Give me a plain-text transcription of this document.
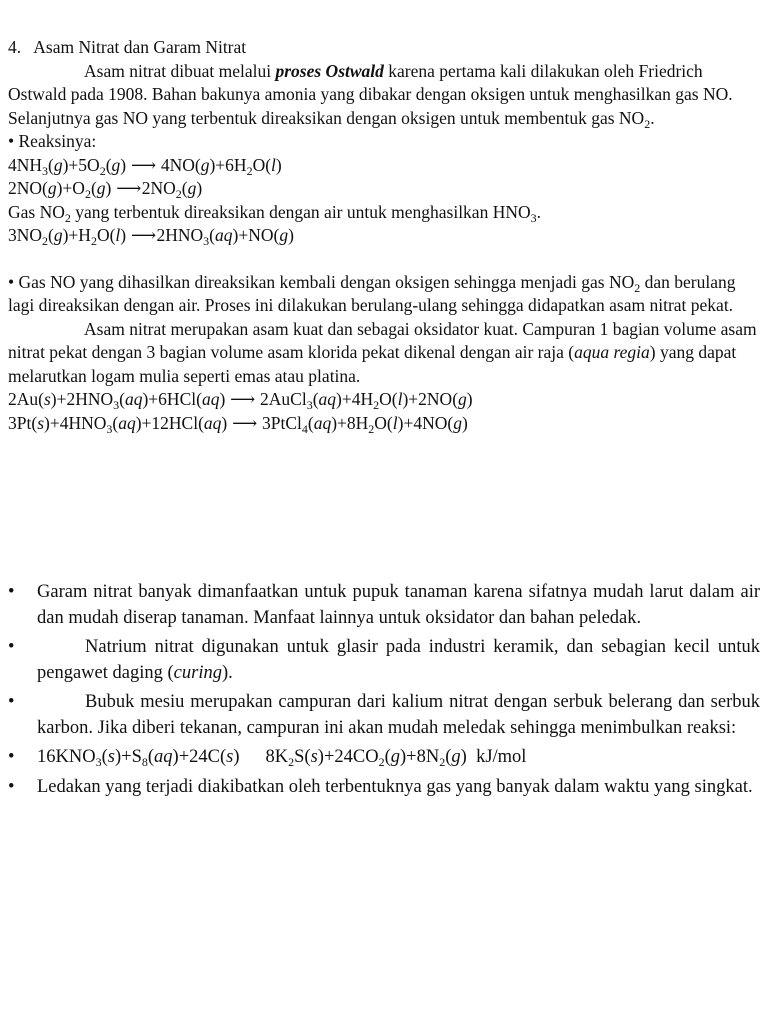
4. Asam Nitrat dan Garam Nitrat

Asam nitrat dibuat melalui proses Ostwald karena pertama kali dilakukan oleh Friedrich Ostwald pada 1908. Bahan bakunya amonia yang dibakar dengan oksigen untuk menghasilkan gas NO. Selanjutnya gas NO yang terbentuk direaksikan dengan oksigen untuk membentuk gas $NO_2$.

• Reaksinya:

$4NH_3(g)+5O_2(g)$ ⟶ $4NO(g)+6H_2O(l)$

$2NO(g)+O_2(g)$ $⟶2NO_2(g)$

Gas $NO_2$ yang terbentuk direaksikan dengan air untuk menghasilkan $HNO_3$.

$3NO_2(g)+H_2O(l)$ $⟶2HNO_3(aq)+NO(g)$

• Gas NO yang dihasilkan direaksikan kembali dengan oksigen sehingga menjadi gas $NO_2$ dan berulang lagi direaksikan dengan air. Proses ini dilakukan berulang-ulang sehingga didapatkan asam nitrat pekat.

Asam nitrat merupakan asam kuat dan sebagai oksidator kuat. Campuran 1 bagian volume asam nitrat pekat dengan 3 bagian volume asam klorida pekat dikenal dengan air raja (aqua regia) yang dapat melarutkan logam mulia seperti emas atau platina.

$2Au(s)+2HNO_3(aq)+6HCl(aq)$ ⟶ $2AuCl_3(aq)+4H_2O(l)+2NO(g)$

$3Pt(s)+4HNO_3(aq)+12HCl(aq)$ ⟶ $3PtCl_4(aq)+8H_2O(l)+4NO(g)$

• Garam nitrat banyak dimanfaatkan untuk pupuk tanaman karena sifatnya mudah larut dalam air dan mudah diserap tanaman. Manfaat lainnya untuk oksidator dan bahan peledak.
•	Natrium nitrat digunakan untuk glasir pada industri keramik, dan sebagian kecil untuk pengawet daging (curing).
•	Bubuk mesiu merupakan campuran dari kalium nitrat dengan serbuk belerang dan serbuk karbon. Jika diberi tekanan, campuran ini akan mudah meledak sehingga menimbulkan reaksi:
• $16KNO_3(s)+S_8(aq)+24C(s)$ $8K_2S(s)+24CO_2(g)+8N_2(g)$  kJ/mol
• Ledakan yang terjadi diakibatkan oleh terbentuknya gas yang banyak dalam waktu yang singkat.
